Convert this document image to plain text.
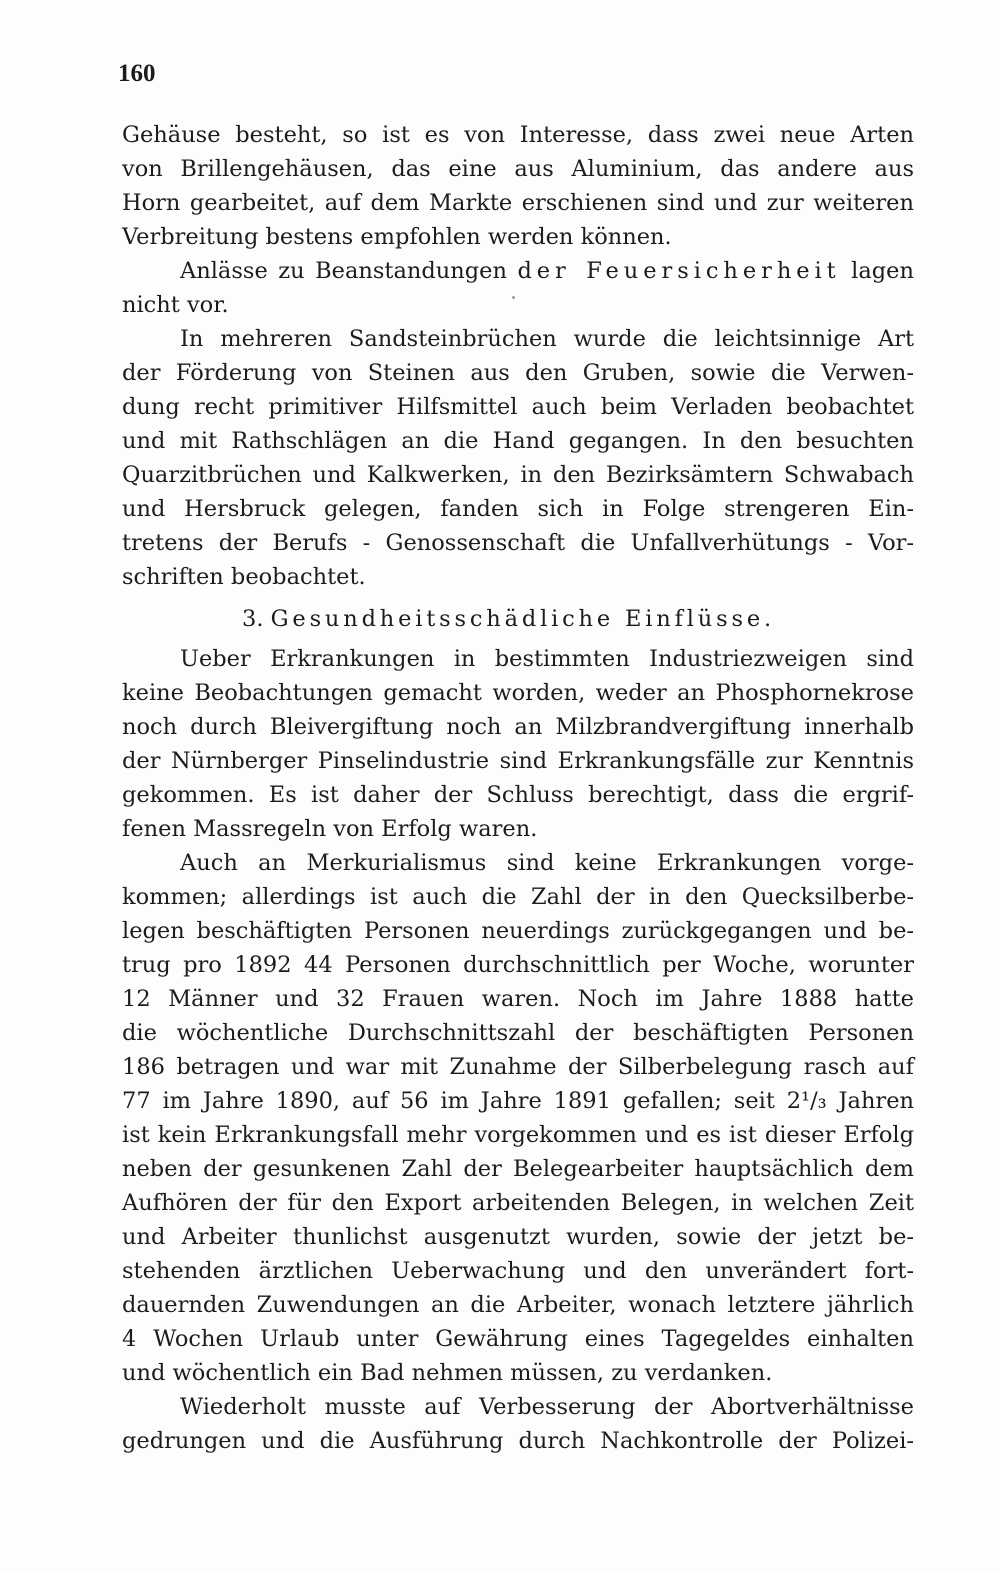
160
Gehäuse besteht, so ist es von Interesse, dass zwei neue Arten
von Brillengehäusen, das eine aus Aluminium, das andere aus
Horn gearbeitet, auf dem Markte erschienen sind und zur weiteren
Verbreitung bestens empfohlen werden können.
Anlässe zu Beanstandungen der Feuersicherheit lagen
nicht vor.
In mehreren Sandsteinbrüchen wurde die leichtsinnige Art
der Förderung von Steinen aus den Gruben, sowie die Verwen-
dung recht primitiver Hilfsmittel auch beim Verladen beobachtet
und mit Rathschlägen an die Hand gegangen. In den besuchten
Quarzitbrüchen und Kalkwerken, in den Bezirksämtern Schwabach
und Hersbruck gelegen, fanden sich in Folge strengeren Ein-
tretens der Berufs - Genossenschaft die Unfallverhütungs - Vor-
schriften beobachtet.
3. Gesundheitsschädliche Einflüsse.
Ueber Erkrankungen in bestimmten Industriezweigen sind
keine Beobachtungen gemacht worden, weder an Phosphornekrose
noch durch Bleivergiftung noch an Milzbrandvergiftung innerhalb
der Nürnberger Pinselindustrie sind Erkrankungsfälle zur Kenntnis
gekommen. Es ist daher der Schluss berechtigt, dass die ergrif-
fenen Massregeln von Erfolg waren.
Auch an Merkurialismus sind keine Erkrankungen vorge-
kommen; allerdings ist auch die Zahl der in den Quecksilberbe-
legen beschäftigten Personen neuerdings zurückgegangen und be-
trug pro 1892 44 Personen durchschnittlich per Woche, worunter
12 Männer und 32 Frauen waren. Noch im Jahre 1888 hatte
die wöchentliche Durchschnittszahl der beschäftigten Personen
186 betragen und war mit Zunahme der Silberbelegung rasch auf
77 im Jahre 1890, auf 56 im Jahre 1891 gefallen; seit 2¹/₃ Jahren
ist kein Erkrankungsfall mehr vorgekommen und es ist dieser Erfolg
neben der gesunkenen Zahl der Belegearbeiter hauptsächlich dem
Aufhören der für den Export arbeitenden Belegen, in welchen Zeit
und Arbeiter thunlichst ausgenutzt wurden, sowie der jetzt be-
stehenden ärztlichen Ueberwachung und den unverändert fort-
dauernden Zuwendungen an die Arbeiter, wonach letztere jährlich
4 Wochen Urlaub unter Gewährung eines Tagegeldes einhalten
und wöchentlich ein Bad nehmen müssen, zu verdanken.
Wiederholt musste auf Verbesserung der Abortverhältnisse
gedrungen und die Ausführung durch Nachkontrolle der Polizei-
